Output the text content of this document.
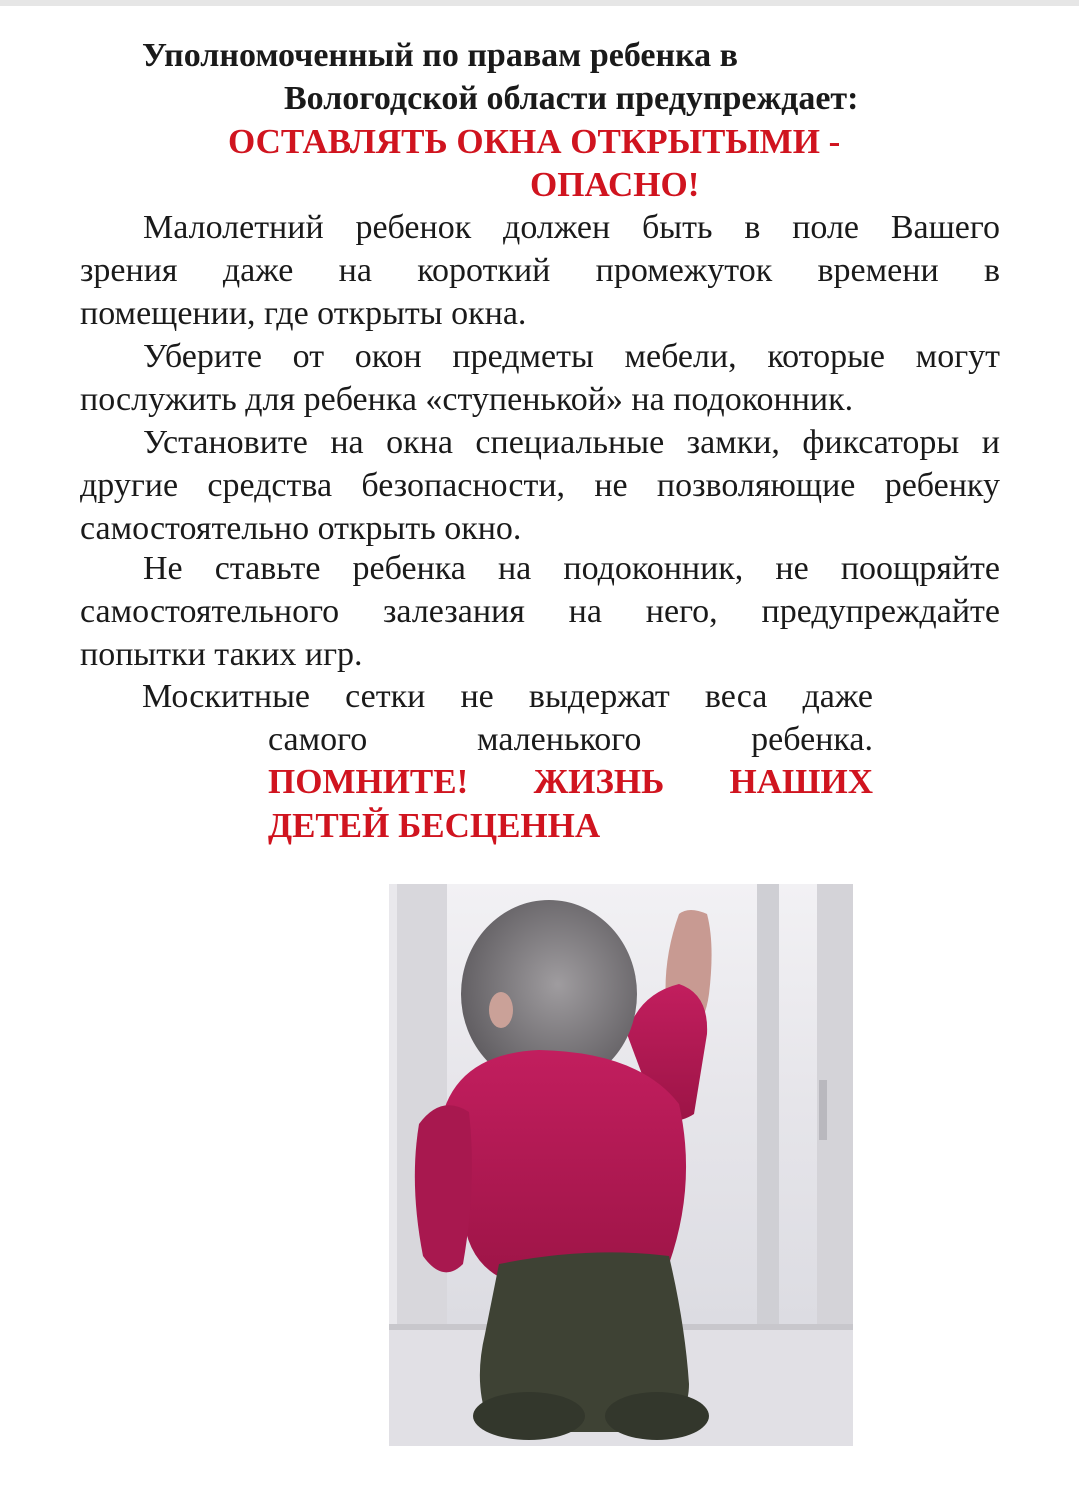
Уполномоченный по правам ребенка в
Вологодской области предупреждает:
ОСТАВЛЯТЬ ОКНА ОТКРЫТЫМИ -
ОПАСНО!
Малолетний ребенок должен быть в поле Вашего
зрения даже на короткий промежуток времени в
помещении, где открыты окна.
Уберите от окон предметы мебели, которые могут
послужить для ребенка «ступенькой» на подоконник.
Установите на окна специальные замки, фиксаторы и
другие средства безопасности, не позволяющие ребенку
самостоятельно открыть окно.
Не ставьте ребенка на подоконник, не поощряйте
самостоятельного залезания на него, предупреждайте
попытки таких игр.
Москитные сетки не выдержат веса даже
самого	маленького	ребенка.
ПОМНИТЕ! ЖИЗНЬ НАШИХ
ДЕТЕЙ БЕСЦЕННА
